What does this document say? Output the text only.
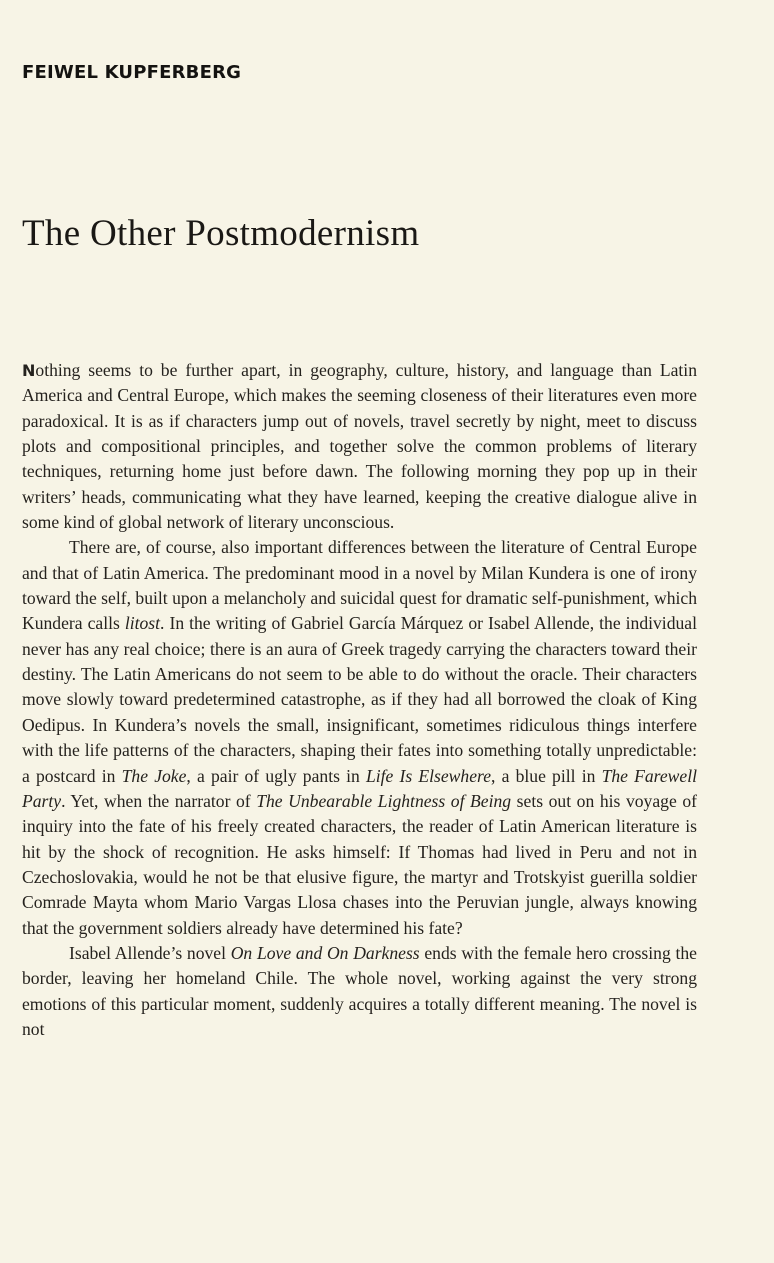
FEIWEL KUPFERBERG
The Other Postmodernism

Nothing seems to be further apart, in geography, culture, history, and language than Latin America and Central Europe, which makes the seeming closeness of their literatures even more paradoxical. It is as if characters jump out of novels, travel secretly by night, meet to discuss plots and compositional principles, and together solve the common problems of literary techniques, returning home just before dawn. The following morning they pop up in their writers’ heads, communicating what they have learned, keeping the creative dialogue alive in some kind of global network of literary unconscious.

There are, of course, also important differences between the literature of Central Europe and that of Latin America. The predominant mood in a novel by Milan Kundera is one of irony toward the self, built upon a melancholy and suicidal quest for dramatic self-punishment, which Kundera calls litost. In the writing of Gabriel García Márquez or Isabel Allende, the individual never has any real choice; there is an aura of Greek tragedy carrying the characters toward their destiny. The Latin Americans do not seem to be able to do without the oracle. Their characters move slowly toward predetermined catastrophe, as if they had all borrowed the cloak of King Oedipus. In Kundera’s novels the small, insignificant, sometimes ridiculous things interfere with the life patterns of the characters, shaping their fates into something totally unpredictable: a postcard in The Joke, a pair of ugly pants in Life Is Elsewhere, a blue pill in The Farewell Party. Yet, when the narrator of The Unbearable Lightness of Being sets out on his voyage of inquiry into the fate of his freely created characters, the reader of Latin American literature is hit by the shock of recognition. He asks himself: If Thomas had lived in Peru and not in Czechoslovakia, would he not be that elusive figure, the martyr and Trotskyist guerilla soldier Comrade Mayta whom Mario Vargas Llosa chases into the Peruvian jungle, always knowing that the government soldiers already have determined his fate?

Isabel Allende’s novel On Love and On Darkness ends with the female hero crossing the border, leaving her homeland Chile. The whole novel, working against the very strong emotions of this particular moment, suddenly acquires a totally different meaning. The novel is not
